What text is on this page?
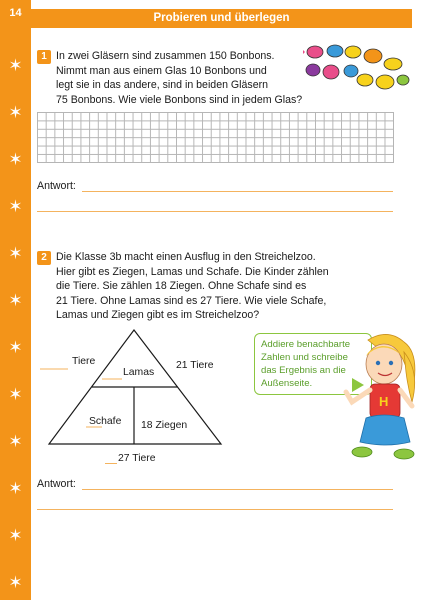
14
✶
✶
✶
✶
✶
✶
✶
✶
✶
✶
✶
✶
Probieren und überlegen
1 In zwei Gläsern sind zusammen 150 Bonbons.
Nimmt man aus einem Glas 10 Bonbons und
legt sie in das andere, sind in beiden Gläsern
75 Bonbons. Wie viele Bonbons sind in jedem Glas?
Antwort:
2 Die Klasse 3b macht einen Ausflug in den Streichelzoo.
Hier gibt es Ziegen, Lamas und Schafe. Die Kinder zählen
die Tiere. Sie zählen 18 Ziegen. Ohne Schafe sind es
21 Tiere. Ohne Lamas sind es 27 Tiere. Wie viele Schafe,
Lamas und Ziegen gibt es im Streichelzoo?
Tiere	21 Tiere
Lamas
Schafe 18 Ziegen
27 Tiere
Addiere benachbarte
Zahlen und schreibe
das Ergebnis an die
Außenseite.
H
Antwort:
